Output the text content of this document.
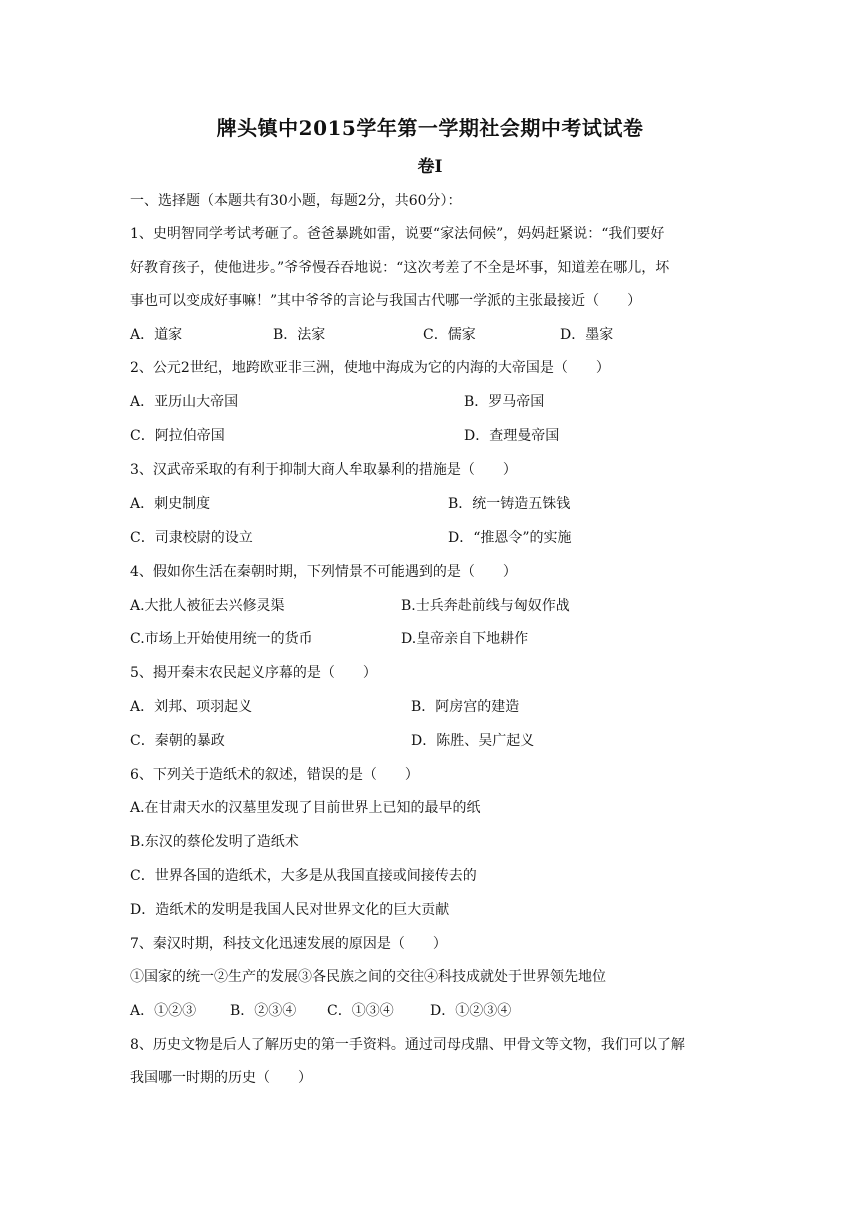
牌头镇中2015学年第一学期社会期中考试试卷
卷Ⅰ
一、选择题（本题共有30小题，每题2分，共60分）：
1、史明智同学考试考砸了。爸爸暴跳如雷，说要“家法伺候”，妈妈赶紧说：“我们要好
好教育孩子，使他进步。”爷爷慢吞吞地说：“这次考差了不全是坏事，知道差在哪儿，坏
事也可以变成好事嘛！”其中爷爷的言论与我国古代哪一学派的主张最接近（　　）
A．道家	B．法家	C．儒家	D．墨家
2、公元2世纪，地跨欧亚非三洲，使地中海成为它的内海的大帝国是（　　）
A．亚历山大帝国	B．罗马帝国
C．阿拉伯帝国	D．查理曼帝国
3、汉武帝采取的有利于抑制大商人牟取暴利的措施是（　　）
A．刺史制度	B．统一铸造五铢钱
C．司隶校尉的设立	D．“推恩令”的实施
4、假如你生活在秦朝时期，下列情景不可能遇到的是（　　）
A.大批人被征去兴修灵渠	B.士兵奔赴前线与匈奴作战
C.市场上开始使用统一的货币	D.皇帝亲自下地耕作
5、揭开秦末农民起义序幕的是（　　）
A．刘邦、项羽起义	B．阿房宫的建造
C．秦朝的暴政	D．陈胜、吴广起义
6、下列关于造纸术的叙述，错误的是（　　）
A.在甘肃天水的汉墓里发现了目前世界上已知的最早的纸
B.东汉的蔡伦发明了造纸术
C．世界各国的造纸术，大多是从我国直接或间接传去的
D．造纸术的发明是我国人民对世界文化的巨大贡献
7、秦汉时期，科技文化迅速发展的原因是（　　）
①国家的统一②生产的发展③各民族之间的交往④科技成就处于世界领先地位
A．①②③ B．②③④ C．①③④	D．①②③④
8、历史文物是后人了解历史的第一手资料。通过司母戌鼎、甲骨文等文物，我们可以了解
我国哪一时期的历史（　　）
